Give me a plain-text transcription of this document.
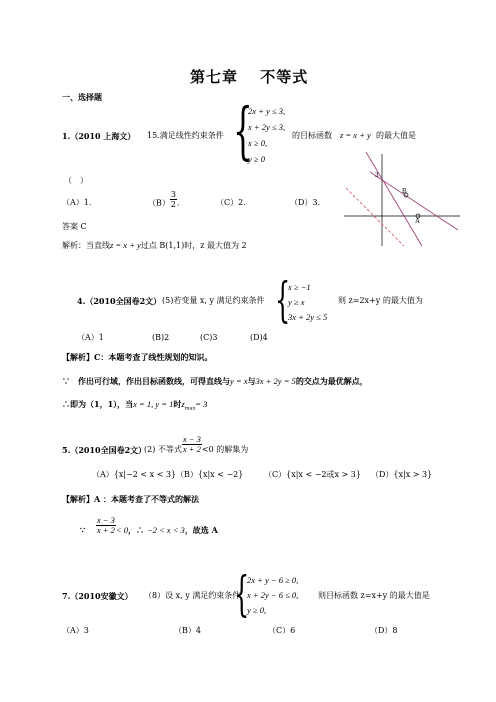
第七章　 不等式
一、选择题
1.（2010 上海文） 15.满足线性约束条件 {
2x + y ≤ 3,
x + 2y ≤ 3,
x ≥ 0,
y ≥ 0
的目标函数 z = x + y 的最大值是
（　）
（A）1.	$(B) \frac{3}{2}$ .	（C）2.	（D）3.
答案 C
解析：当直线z = x + y过点 B(1,1)时，z 最大值为 2
3
B
A
4.（2010全国卷2文） (5)若变量 x, y 满足约束条件 {
x ≥ −1
y ≥ x
3x + 2y ≤ 5
则 z=2x+y 的最大值为
（A）1	(B)2	(C)3	(D)4
【解析】C：本题考查了线性规划的知识。
∵　作出可行域，作出目标函数线，可得直线与y = x与3x + 2y = 5的交点为最优解点，
∴即为（1，1），当x = 1, y = 1时$z_{max}= 3$
5.（2010全国卷2文）
(2) 不等式 $\frac{x - 3}{x + 2} <0$ 的解集为
（A）{x|−2 < x < 3} （B）{x|x < −2}	（C）{x|x < −2或x > 3} （D）{x|x > 3}
【解析】A ：本题考查了不等式的解法
∵ $\frac{x - 3}{x + 2} < 0$，∴ −2 < x < 3，故选 A
7.（2010安徽文） （8）设 x, y 满足约束条件
{
2x + y − 6 ≥ 0,
x + 2y − 6 ≤ 0,
y ≥ 0,
则目标函数 z=x+y 的最大值是
（A）3	（B）4	（C）6	（D）8
